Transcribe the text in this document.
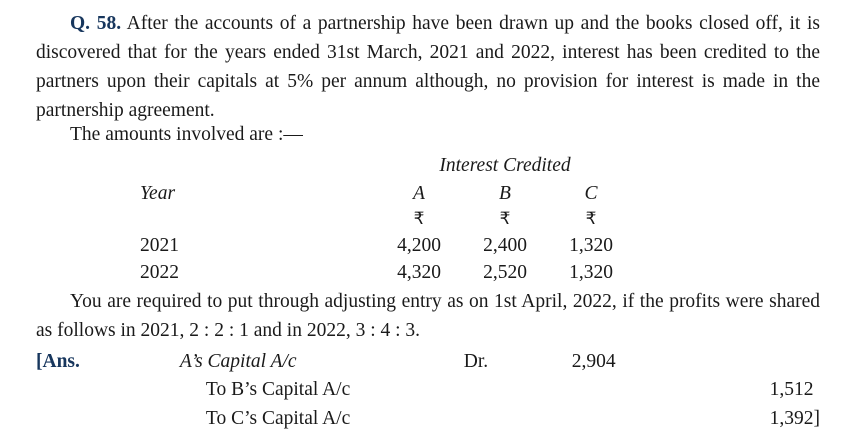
Q. 58. After the accounts of a partnership have been drawn up and the books closed off, it is discovered that for the years ended 31st March, 2021 and 2022, interest has been credited to the partners upon their capitals at 5% per annum although, no provision for interest is made in the partnership agreement.

The amounts involved are :—
	Interest Credited		
Year	A	B	C
	₹	₹	₹
2021	4,200	2,400	1,320
2022	4,320	2,520	1,320

You are required to put through adjusting entry as on 1st April, 2022, if the profits were shared as follows in 2021, 2 : 2 : 1 and in 2022, 3 : 4 : 3.

[Ans.	A’s Capital A/c	Dr.	2,904	
	To B’s Capital A/c			1,512
	To C’s Capital A/c			1,392]
